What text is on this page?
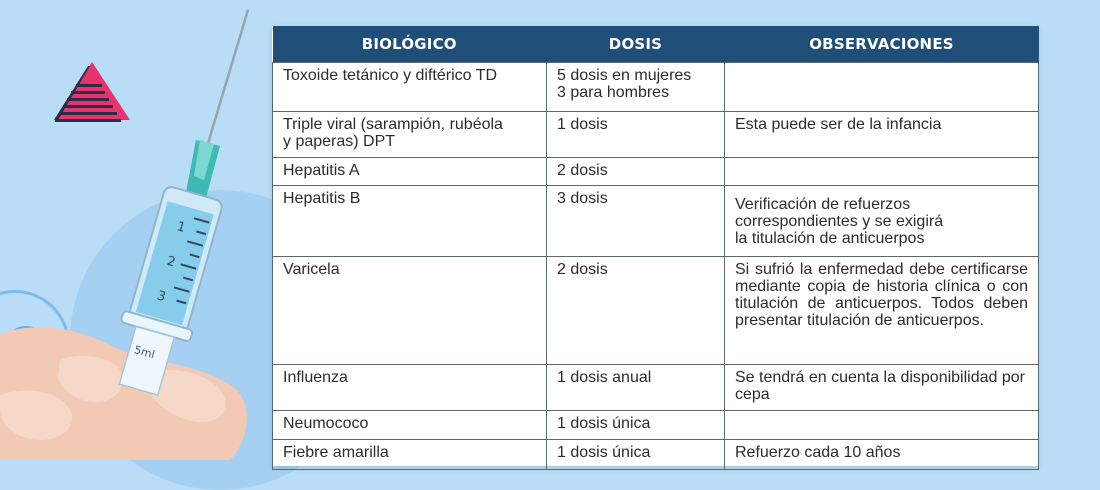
1
2
3
5ml
BIOLÓGICO	DOSIS	OBSERVACIONES
Toxoide tetánico y diftérico TD	5 dosis en mujeres
3 para hombres	
Triple viral (sarampión, rubéola
y paperas) DPT	1 dosis	Esta puede ser de la infancia
Hepatitis A	2 dosis	
Hepatitis B	3 dosis	Verificación de refuerzos
correspondientes y se exigirá
la titulación de anticuerpos
Varicela	2 dosis	Si sufrió la enfermedad debe certificarse mediante copia de historia clínica o con titulación de anticuerpos. Todos deben presentar titulación de anticuerpos.
Influenza	1 dosis anual	Se tendrá en cuenta la disponibilidad por cepa
Neumococo	1 dosis única	
Fiebre amarilla	1 dosis única	Refuerzo cada 10 años
